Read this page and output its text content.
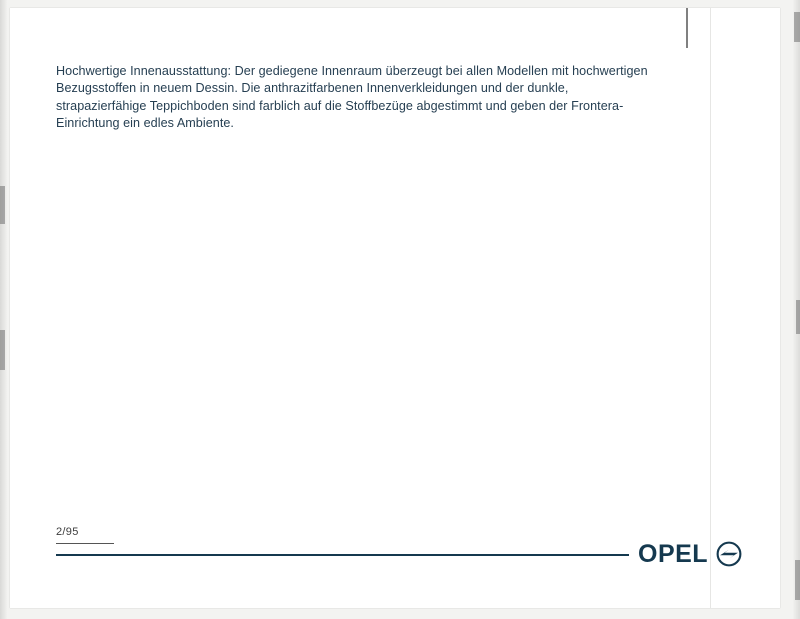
Hochwertige Innenausstattung: Der gediegene Innenraum überzeugt bei allen Modellen mit hochwertigen Bezugsstoffen in neuem Dessin. Die anthrazitfarbenen Innenverkleidungen und der dunkle, strapazierfähige Teppichboden sind farblich auf die Stoffbezüge abgestimmt und geben der Frontera-Einrichtung ein edles Ambiente.

2/95
OPEL
